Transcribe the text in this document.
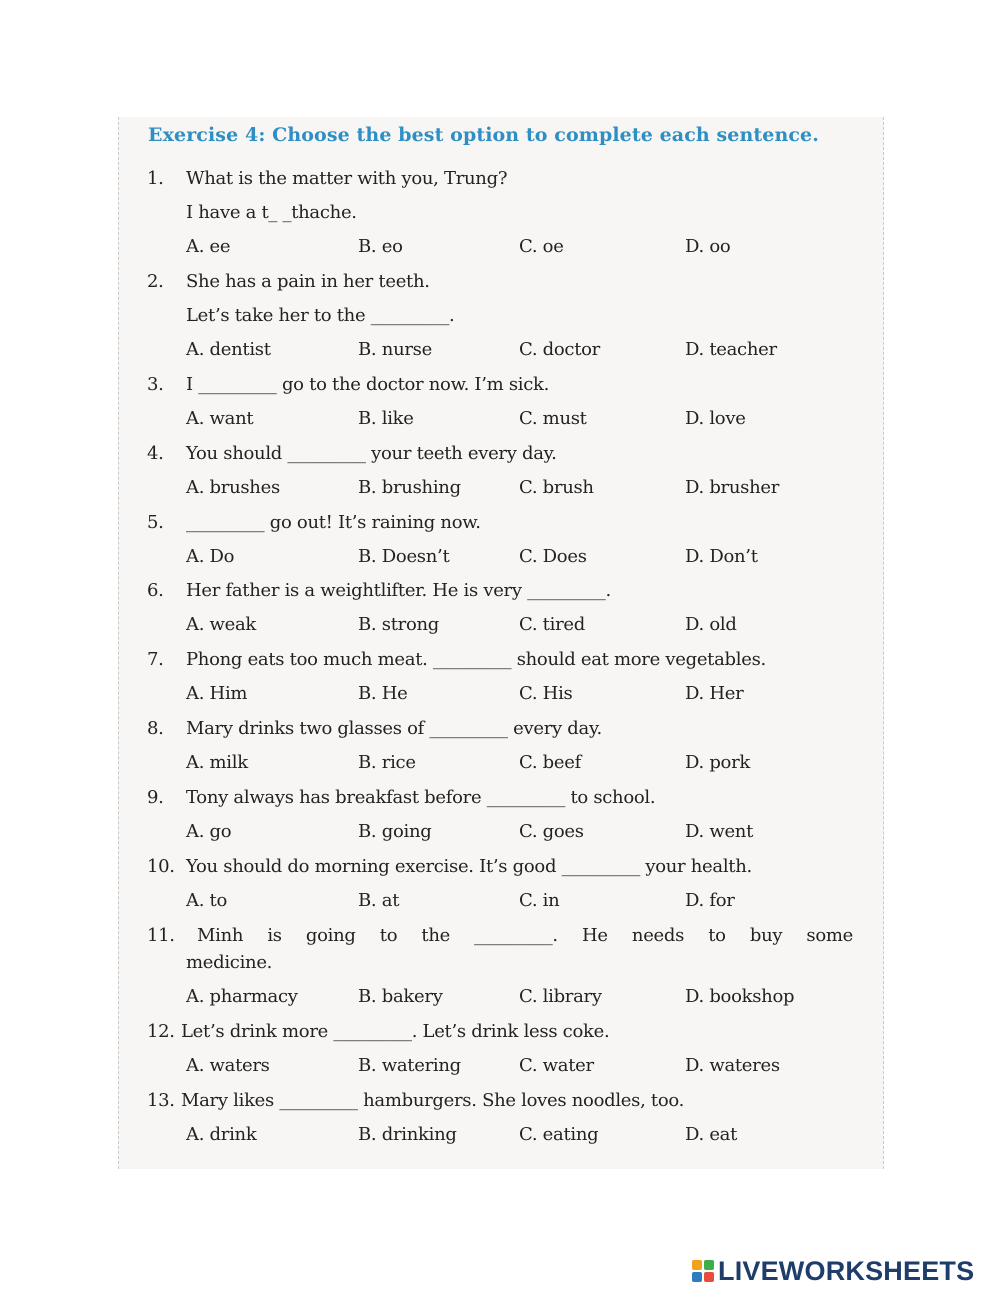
Exercise 4: Choose the best option to complete each sentence.
1. What is the matter with you, Trung?
I have a t_ _thache.
A. ee	B. eo	C. oe	D. oo
2. She has a pain in her teeth.
Let’s take her to the _________.
A. dentist	B. nurse	C. doctor	D. teacher
3. I _________ go to the doctor now. I’m sick.
A. want	B. like	C. must	D. love
4. You should _________ your teeth every day.
A. brushes	B. brushing	C. brush	D. brusher
5. _________ go out! It’s raining now.
A. Do	B. Doesn’t	C. Does	D. Don’t
6. Her father is a weightlifter. He is very _________.
A. weak	B. strong	C. tired	D. old
7. Phong eats too much meat. _________ should eat more vegetables.
A. Him	B. He	C. His	D. Her
8. Mary drinks two glasses of _________ every day.
A. milk	B. rice	C. beef	D. pork
9. Tony always has breakfast before _________ to school.
A. go	B. going	C. goes	D. went
10. You should do morning exercise. It’s good _________ your health.
A. to	B. at	C. in	D. for
11. Minh is going to the _________. He needs to buy some
medicine.
A. pharmacy	B. bakery	C. library	D. bookshop
12. Let’s drink more _________. Let’s drink less coke.
A. waters	B. watering	C. water	D. wateres
13. Mary likes _________ hamburgers. She loves noodles, too.
A. drink	B. drinking	C. eating	D. eat
LIVEWORKSHEETS
